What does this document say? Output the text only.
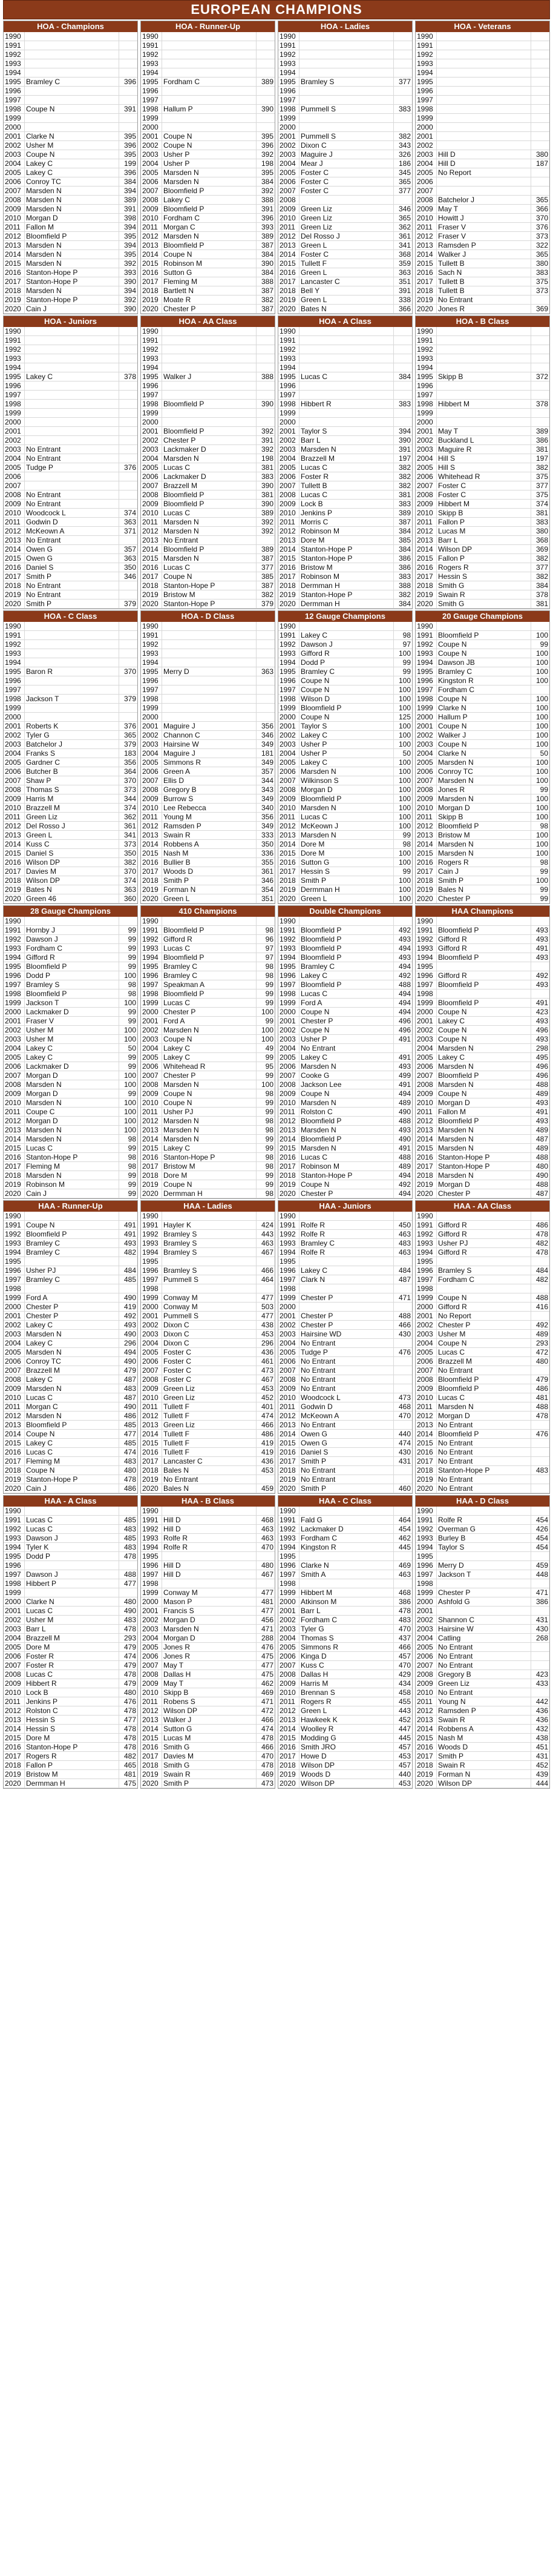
EUROPEAN CHAMPIONS
HOA - Champions
1990		
1991		
1992		
1993		
1994		
1995	Bramley C	396
1996		
1997		
1998	Coupe N	391
1999		
2000		
2001	Clarke N	395
2002	Usher M	396
2003	Coupe N	395
2004	Lakey C	199
2005	Lakey C	396
2006	Conroy TC	384
2007	Marsden N	394
2008	Marsden N	389
2009	Marsden N	391
2010	Morgan D	398
2011	Fallon M	394
2012	Bloomfield P	395
2013	Marsden N	394
2014	Marsden N	395
2015	Marsden N	392
2016	Stanton-Hope P	393
2017	Stanton-Hope P	390
2018	Marsden N	394
2019	Stanton-Hope P	392
2020	Cain J	390
HOA - Runner-Up
1990		
1991		
1992		
1993		
1994		
1995	Fordham C	389
1996		
1997		
1998	Hallum P	390
1999		
2000		
2001	Coupe N	395
2002	Coupe N	396
2003	Usher P	392
2004	Usher P	198
2005	Marsden N	395
2006	Marsden N	384
2007	Bloomfield P	392
2008	Lakey C	388
2009	Bloomfield P	391
2010	Fordham C	396
2011	Morgan C	393
2012	Marsden N	389
2013	Bloomfield P	387
2014	Coupe N	384
2015	Robinson M	390
2016	Sutton G	384
2017	Fleming M	388
2018	Bartlett N	387
2019	Moate R	382
2020	Chester P	387
HOA - Ladies
1990		
1991		
1992		
1993		
1994		
1995	Bramley S	377
1996		
1997		
1998	Pummell S	383
1999		
2000		
2001	Pummell S	382
2002	Dixon C	343
2003	Maguire J	326
2004	Mear J	186
2005	Foster C	345
2006	Foster C	365
2007	Foster C	377
2008		
2009	Green Liz	346
2010	Green Liz	365
2011	Green Liz	362
2012	Del Rosso J	361
2013	Green L	341
2014	Foster C	368
2015	Tullett F	359
2016	Green L	363
2017	Lancaster C	351
2018	Bell Y	391
2019	Green L	338
2020	Bates N	366
HOA - Veterans
1990		
1991		
1992		
1993		
1994		
1995		
1996		
1997		
1998		
1999		
2000		
2001		
2002		
2003	Hill D	380
2004	Hill D	187
2005	No Report	
2006		
2007		
2008	Batchelor J	365
2009	May T	366
2010	Howitt J	370
2011	Fraser V	376
2012	Fraser V	373
2013	Ramsden P	322
2014	Walker J	365
2015	Tullett B	380
2016	Sach N	383
2017	Tullett B	375
2018	Tullett B	373
2019	No Entrant	
2020	Jones R	369
HOA - Juniors
1990		
1991		
1992		
1993		
1994		
1995	Lakey C	378
1996		
1997		
1998		
1999		
2000		
2001		
2002		
2003	No Entrant	
2004	No Entrant	
2005	Tudge P	376
2006		
2007		
2008	No Entrant	
2009	No Entrant	
2010	Woodcock L	374
2011	Godwin D	363
2012	McKeown A	371
2013	No Entrant	
2014	Owen G	357
2015	Owen G	363
2016	Daniel S	350
2017	Smith P	346
2018	No Entrant	
2019	No Entrant	
2020	Smith P	379
HOA - AA Class
1990		
1991		
1992		
1993		
1994		
1995	Walker J	388
1996		
1997		
1998	Bloomfield P	390
1999		
2000		
2001	Bloomfield P	392
2002	Chester P	391
2003	Lackmaker D	392
2004	Marsden N	198
2005	Lucas C	381
2006	Lackmaker D	383
2007	Brazzell M	390
2008	Bloomfield P	381
2009	Bloomfield P	390
2010	Lucas C	389
2011	Marsden N	392
2012	Marsden N	392
2013	No Entrant	
2014	Bloomfield P	389
2015	Marsden N	387
2016	Lucas C	377
2017	Coupe N	385
2018	Stanton-Hope P	387
2019	Bristow M	382
2020	Stanton-Hope P	379
HOA - A Class
1990		
1991		
1992		
1993		
1994		
1995	Lucas C	384
1996		
1997		
1998	Hibbert R	383
1999		
2000		
2001	Taylor S	394
2002	Barr L	390
2003	Marsden N	391
2004	Brazzell M	197
2005	Lucas C	382
2006	Foster R	382
2007	Tullett B	382
2008	Lucas C	381
2009	Lock B	383
2010	Jenkins P	389
2011	Morris C	387
2012	Robinson M	384
2013	Dore M	385
2014	Stanton-Hope P	384
2015	Stanton-Hope P	386
2016	Bristow M	386
2017	Robinson M	383
2018	Dermman H	388
2019	Stanton-Hope P	382
2020	Dermman H	384
HOA - B Class
1990		
1991		
1992		
1993		
1994		
1995	Skipp B	372
1996		
1997		
1998	Hibbert M	378
1999		
2000		
2001	May T	389
2002	Buckland L	386
2003	Maguire R	381
2004	Hill S	197
2005	Hill S	382
2006	Whitehead R	375
2007	Foster C	377
2008	Foster C	375
2009	Hibbert M	374
2010	Skipp B	381
2011	Fallon P	383
2012	Lucas M	380
2013	Barr L	368
2014	Wilson DP	369
2015	Fallon P	382
2016	Rogers R	377
2017	Hessin S	382
2018	Smith G	384
2019	Swain R	378
2020	Smith G	381
HOA - C Class
1990		
1991		
1992		
1993		
1994		
1995	Baron R	370
1996		
1997		
1998	Jackson T	379
1999		
2000		
2001	Roberts K	376
2002	Tyler G	365
2003	Batchelor J	379
2004	Franks S	183
2005	Gardner C	356
2006	Butcher B	364
2007	Shaw P	370
2008	Thomas S	373
2009	Harris M	344
2010	Brazzell M	374
2011	Green Liz	362
2012	Del Rosso J	361
2013	Green L	341
2014	Kuss C	373
2015	Daniel S	350
2016	Wilson DP	382
2017	Davies M	370
2018	Wilson DP	374
2019	Bates N	363
2020	Green 46	360
HOA - D Class
1990		
1991		
1992		
1993		
1994		
1995	Merry D	363
1996		
1997		
1998		
1999		
2000		
2001	Maguire J	356
2002	Channon C	346
2003	Hairsine W	349
2004	Maguire J	181
2005	Simmons R	349
2006	Green A	357
2007	Ellis D	344
2008	Gregory B	343
2009	Burrow S	349
2010	Lee Rebecca	340
2011	Young M	356
2012	Ramsden P	349
2013	Swain R	333
2014	Robbens A	350
2015	Nash M	336
2016	Bullier B	355
2017	Woods D	361
2018	Smith P	346
2019	Forman N	354
2020	Green L	351
12 Gauge Champions
1990		
1991	Lakey C	98
1992	Dawson J	97
1993	Gifford R	100
1994	Dodd P	99
1995	Bramley C	99
1996	Coupe N	100
1997	Coupe N	100
1998	Wilson D	100
1999	Bloomfield P	100
2000	Coupe N	125
2001	Taylor S	100
2002	Lakey C	100
2003	Usher P	100
2004	Usher P	50
2005	Lakey C	100
2006	Marsden N	100
2007	Wilkinson S	100
2008	Morgan D	100
2009	Bloomfield P	100
2010	Marsden N	100
2011	Lucas C	100
2012	McKeown J	100
2013	Marsden N	99
2014	Dore M	98
2015	Dore M	100
2016	Sutton G	100
2017	Hessin S	99
2018	Smith P	100
2019	Dermman H	100
2020	Green L	100
20 Gauge Champions
1990		
1991	Bloomfield P	100
1992	Coupe N	99
1993	Coupe N	100
1994	Dawson JB	100
1995	Bramley C	100
1996	Kingston R	100
1997	Fordham C	
1998	Coupe N	100
1999	Clarke N	100
2000	Hallum P	100
2001	Coupe N	100
2002	Walker J	100
2003	Coupe N	100
2004	Clarke N	50
2005	Marsden N	100
2006	Conroy TC	100
2007	Marsden N	100
2008	Jones R	99
2009	Marsden N	100
2010	Morgan D	100
2011	Skipp B	100
2012	Bloomfield P	98
2013	Bristow M	100
2014	Marsden N	100
2015	Marsden N	100
2016	Rogers R	98
2017	Cain J	99
2018	Smith P	100
2019	Bales N	99
2020	Chester P	99
28 Gauge Champions
1990		
1991	Hornby J	99
1992	Dawson J	99
1993	Fordham C	99
1994	Gifford R	99
1995	Bloomfield P	99
1996	Dodd P	100
1997	Bramley S	98
1998	Bloomfield P	98
1999	Jackson T	100
2000	Lackmaker D	99
2001	Fraser V	99
2002	Usher M	100
2003	Usher M	100
2004	Lakey C	50
2005	Lakey C	99
2006	Lackmaker D	99
2007	Morgan D	100
2008	Marsden N	100
2009	Morgan D	99
2010	Marsden N	100
2011	Coupe C	100
2012	Morgan D	100
2013	Marsden N	100
2014	Marsden N	98
2015	Lucas C	99
2016	Stanton-Hope P	98
2017	Fleming M	98
2018	Marsden N	99
2019	Robinson M	99
2020	Cain J	99
410 Champions
1990		
1991	Bloomfield P	98
1992	Gifford R	96
1993	Lucas C	97
1994	Bloomfield P	97
1995	Bramley C	98
1996	Bramley C	98
1997	Speakman A	99
1998	Bloomfield P	99
1999	Lucas C	99
2000	Chester P	100
2001	Ford A	99
2002	Marsden N	100
2003	Coupe N	100
2004	Lakey C	49
2005	Lakey C	99
2006	Whitehead R	95
2007	Chester P	99
2008	Marsden N	100
2009	Coupe N	98
2010	Coupe N	99
2011	Usher PJ	99
2012	Marsden N	98
2013	Marsden N	98
2014	Marsden N	99
2015	Lakey C	99
2016	Stanton-Hope P	98
2017	Bristow M	98
2018	Dore M	99
2019	Coupe N	99
2020	Dermman H	98
Double Champions
1990		
1991	Bloomfield P	492
1992	Bloomfield P	493
1993	Bloomfield P	494
1994	Bloomfield P	493
1995	Bramley C	494
1996	Lakey C	492
1997	Bloomfield P	488
1998	Lucas C	494
1999	Ford A	494
2000	Coupe N	494
2001	Chester P	496
2002	Coupe N	496
2003	Usher P	491
2004	No Entrant	
2005	Lakey C	491
2006	Marsden N	493
2007	Cooke G	499
2008	Jackson Lee	491
2009	Coupe N	494
2010	Marsden N	489
2011	Rolston C	490
2012	Bloomfield P	488
2013	Marsden N	493
2014	Bloomfield P	490
2015	Marsden N	491
2016	Lucas C	488
2017	Robinson M	489
2018	Stanton-Hope P	494
2019	Coupe N	492
2020	Chester P	494
HAA Champions
1990		
1991	Bloomfield P	493
1992	Gifford R	493
1993	Gifford R	491
1994	Bloomfield P	493
1995		
1996	Gifford R	492
1997	Bloomfield P	493
1998		
1999	Bloomfield P	491
2000	Coupe N	423
2001	Lakey C	493
2002	Coupe N	496
2003	Coupe N	493
2004	Marsden N	298
2005	Lakey C	495
2006	Marsden N	496
2007	Bloomfield P	496
2008	Marsden N	488
2009	Coupe N	489
2010	Morgan D	493
2011	Fallon M	491
2012	Bloomfield P	493
2013	Marsden N	489
2014	Marsden N	487
2015	Marsden N	489
2016	Stanton-Hope P	488
2017	Stanton-Hope P	480
2018	Marsden N	490
2019	Morgan D	488
2020	Chester P	487
HAA - Runner-Up
1990		
1991	Coupe N	491
1992	Bloomfield P	491
1993	Bramley C	493
1994	Bramley C	482
1995		
1996	Usher PJ	484
1997	Bramley C	485
1998		
1999	Ford A	490
2000	Chester P	419
2001	Chester P	492
2002	Lakey C	493
2003	Marsden N	490
2004	Lakey C	296
2005	Marsden N	494
2006	Conroy TC	490
2007	Brazzell M	479
2008	Lakey C	487
2009	Marsden N	483
2010	Lucas C	487
2011	Morgan C	490
2012	Marsden N	486
2013	Bloomfield P	485
2014	Coupe N	477
2015	Lakey C	485
2016	Lucas C	474
2017	Fleming M	483
2018	Coupe N	480
2019	Stanton-Hope P	478
2020	Cain J	486
HAA - Ladies
1990		
1991	Hayler K	424
1992	Bramley S	443
1993	Bramley S	463
1994	Bramley S	467
1995		
1996	Bramley S	466
1997	Pummell S	464
1998		
1999	Conway M	477
2000	Conway M	503
2001	Pummell S	477
2002	Dixon C	438
2003	Dixon C	453
2004	Dixon C	296
2005	Foster C	436
2006	Foster C	461
2007	Foster C	473
2008	Foster C	467
2009	Green Liz	453
2010	Green Liz	452
2011	Tullett F	401
2012	Tullett F	474
2013	Green Liz	466
2014	Tullett F	486
2015	Tullett F	419
2016	Tullett F	419
2017	Lancaster C	436
2018	Bales N	453
2019	No Entrant	
2020	Bales N	459
HAA - Juniors
1990		
1991	Rolfe R	450
1992	Rolfe R	463
1993	Bramley C	483
1994	Rolfe R	463
1995		
1996	Lakey C	484
1997	Clark N	487
1998		
1999	Chester P	471
2000		
2001	Chester P	488
2002	Chester P	466
2003	Hairsine WD	430
2004	No Entrant	
2005	Tudge P	476
2006	No Entrant	
2007	No Entrant	
2008	No Entrant	
2009	No Entrant	
2010	Woodcock L	473
2011	Godwin D	468
2012	McKeown A	470
2013	No Entrant	
2014	Owen G	440
2015	Owen G	474
2016	Daniel S	430
2017	Smith P	431
2018	No Entrant	
2019	No Entrant	
2020	Smith P	460
HAA - AA Class
1990		
1991	Gifford R	486
1992	Gifford R	478
1993	Usher PJ	482
1994	Gifford R	478
1995		
1996	Bramley S	484
1997	Fordham C	482
1998		
1999	Coupe N	488
2000	Gifford R	416
2001	No Report	
2002	Chester P	492
2003	Usher M	489
2004	Coupe N	293
2005	Lucas C	472
2006	Brazzell M	480
2007	No Entrant	
2008	Bloomfield P	479
2009	Bloomfield P	486
2010	Lucas C	481
2011	Marsden N	488
2012	Morgan D	478
2013	No Entrant	
2014	Bloomfield P	476
2015	No Entrant	
2016	No Entrant	
2017	No Entrant	
2018	Stanton-Hope P	483
2019	No Entrant	
2020	No Entrant	
HAA - A Class
1990		
1991	Lucas C	485
1992	Lucas C	483
1993	Dawson J	485
1994	Tyler K	483
1995	Dodd P	478
1996		
1997	Dawson J	488
1998	Hibbert P	477
1999		
2000	Clarke N	480
2001	Lucas C	490
2002	Usher M	483
2003	Barr L	478
2004	Brazzell M	293
2005	Dore M	479
2006	Foster R	474
2007	Foster R	479
2008	Lucas C	478
2009	Hibbert R	479
2010	Lock B	480
2011	Jenkins P	476
2012	Rolston C	478
2013	Hessin S	477
2014	Hessin S	478
2015	Dore M	478
2016	Stanton-Hope P	478
2017	Rogers R	482
2018	Fallon P	465
2019	Bristow M	481
2020	Dermman H	475
HAA - B Class
1990		
1991	Hill D	468
1992	Hill D	463
1993	Rolfe R	463
1994	Rolfe R	470
1995		
1996	Hill D	480
1997	Hill D	467
1998		
1999	Conway M	477
2000	Mason P	481
2001	Francis S	477
2002	Morgan D	456
2003	Marsden N	471
2004	Morgan D	288
2005	Jones R	476
2006	Jones R	475
2007	May T	477
2008	Dallas H	475
2009	May T	462
2010	Skipp B	469
2011	Robens S	471
2012	Wilson DP	472
2013	Walker J	466
2014	Sutton G	474
2015	Lucas M	478
2016	Smith G	466
2017	Davies M	470
2018	Smith G	478
2019	Swain R	469
2020	Smith P	473
HAA - C Class
1990		
1991	Fald G	464
1992	Lackmaker D	454
1993	Fordham C	462
1994	Kingston R	445
1995		
1996	Clarke N	469
1997	Smith A	463
1998		
1999	Hibbert M	468
2000	Atkinson M	386
2001	Barr L	478
2002	Fordham C	483
2003	Tyler G	470
2004	Thomas S	437
2005	Simmons R	466
2006	Kinga D	457
2007	Kuss C	470
2008	Dallas H	429
2009	Harris M	434
2010	Brennan S	458
2011	Rogers R	455
2012	Green L	443
2013	Hawkeek K	452
2014	Woolley R	447
2015	Modding G	445
2016	Smith JRO	457
2017	Howe D	453
2018	Wilson DP	457
2019	Woods D	440
2020	Wilson DP	453
HAA - D Class
1990		
1991	Rolfe R	454
1992	Overman G	426
1993	Burley B	454
1994	Taylor S	454
1995		
1996	Merry D	459
1997	Jackson T	448
1998		
1999	Chester P	471
2000	Ashfold G	386
2001		
2002	Shannon C	431
2003	Hairsine W	430
2004	Catling	268
2005	No Entrant	
2006	No Entrant	
2007	No Entrant	
2008	Gregory B	423
2009	Green Liz	433
2010	No Entrant	
2011	Young N	442
2012	Ramsden P	436
2013	Swain R	436
2014	Robbens A	432
2015	Nash M	438
2016	Woods D	451
2017	Smith P	431
2018	Swain R	452
2019	Forman N	439
2020	Wilson DP	444
